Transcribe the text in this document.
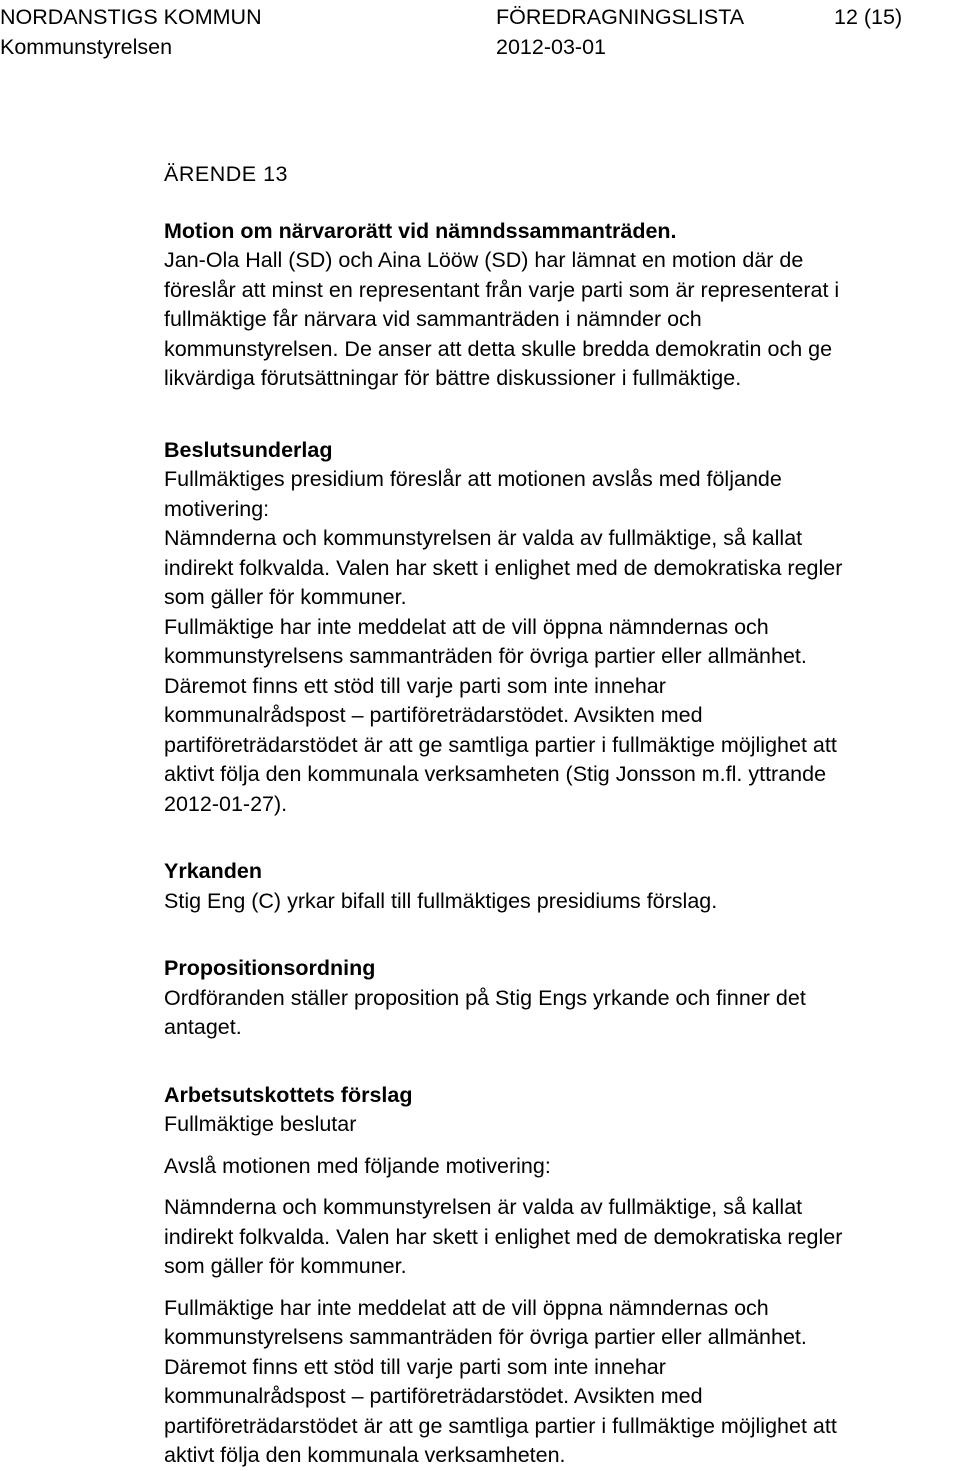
NORDANSTIGS KOMMUN	FÖREDRAGNINGSLISTA	12 (15)
Kommunstyrelsen	2012-03-01
ÄRENDE 13
Motion om närvarorätt vid nämndssammanträden.
Jan-Ola Hall (SD) och Aina Lööw (SD) har lämnat en motion där de
föreslår att minst en representant från varje parti som är representerat i
fullmäktige får närvara vid sammanträden i nämnder och
kommunstyrelsen. De anser att detta skulle bredda demokratin och ge
likvärdiga förutsättningar för bättre diskussioner i fullmäktige.
Beslutsunderlag
Fullmäktiges presidium föreslår att motionen avslås med följande
motivering:
Nämnderna och kommunstyrelsen är valda av fullmäktige, så kallat
indirekt folkvalda. Valen har skett i enlighet med de demokratiska regler
som gäller för kommuner.
Fullmäktige har inte meddelat att de vill öppna nämndernas och
kommunstyrelsens sammanträden för övriga partier eller allmänhet.
Däremot finns ett stöd till varje parti som inte innehar
kommunalrådspost – partiföreträdarstödet. Avsikten med
partiföreträdarstödet är att ge samtliga partier i fullmäktige möjlighet att
aktivt följa den kommunala verksamheten (Stig Jonsson m.fl. yttrande
2012-01-27).
Yrkanden
Stig Eng (C) yrkar bifall till fullmäktiges presidiums förslag.
Propositionsordning
Ordföranden ställer proposition på Stig Engs yrkande och finner det
antaget.
Arbetsutskottets förslag
Fullmäktige beslutar
Avslå motionen med följande motivering:
Nämnderna och kommunstyrelsen är valda av fullmäktige, så kallat
indirekt folkvalda. Valen har skett i enlighet med de demokratiska regler
som gäller för kommuner.
Fullmäktige har inte meddelat att de vill öppna nämndernas och
kommunstyrelsens sammanträden för övriga partier eller allmänhet.
Däremot finns ett stöd till varje parti som inte innehar
kommunalrådspost – partiföreträdarstödet. Avsikten med
partiföreträdarstödet är att ge samtliga partier i fullmäktige möjlighet att
aktivt följa den kommunala verksamheten.
